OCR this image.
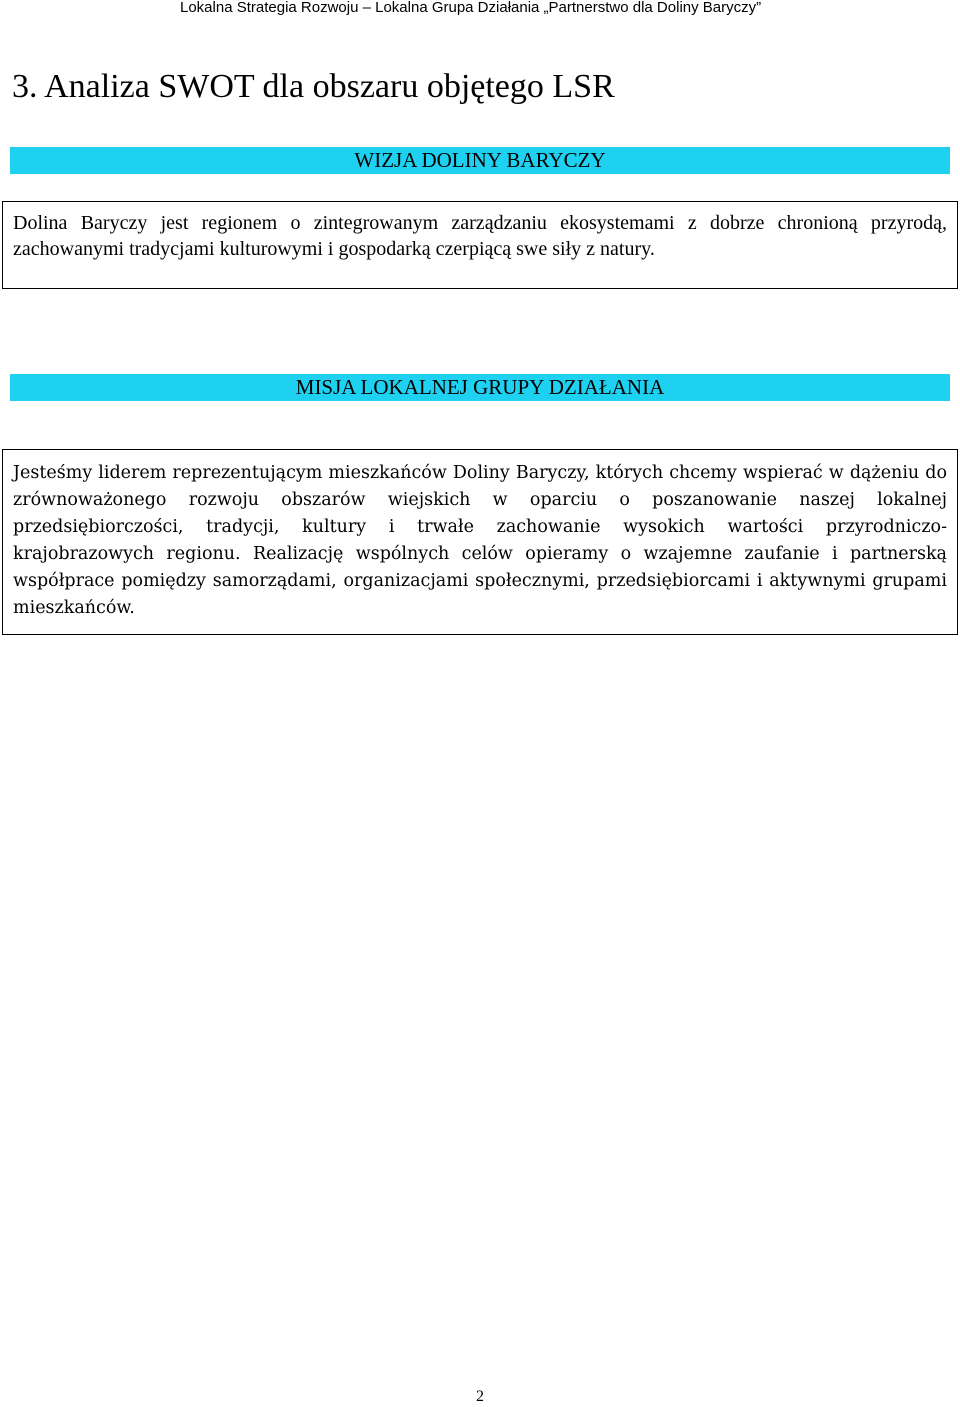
Lokalna Strategia Rozwoju – Lokalna Grupa Działania „Partnerstwo dla Doliny Baryczy”
3. Analiza SWOT dla obszaru objętego LSR
WIZJA DOLINY BARYCZY
Dolina Baryczy jest regionem o zintegrowanym zarządzaniu ekosystemami z dobrze chronioną przyrodą, zachowanymi tradycjami kulturowymi i gospodarką czerpiącą swe siły z natury.
MISJA LOKALNEJ GRUPY DZIAŁANIA
Jesteśmy liderem reprezentującym mieszkańców Doliny Baryczy, których chcemy wspierać w dążeniu do zrównoważonego rozwoju obszarów wiejskich w oparciu o poszanowanie naszej lokalnej przedsiębiorczości, tradycji, kultury i trwałe zachowanie wysokich wartości przyrodniczo-krajobrazowych regionu. Realizację wspólnych celów opieramy o wzajemne zaufanie i partnerską współprace pomiędzy samorządami, organizacjami społecznymi, przedsiębiorcami i aktywnymi grupami mieszkańców.
2
